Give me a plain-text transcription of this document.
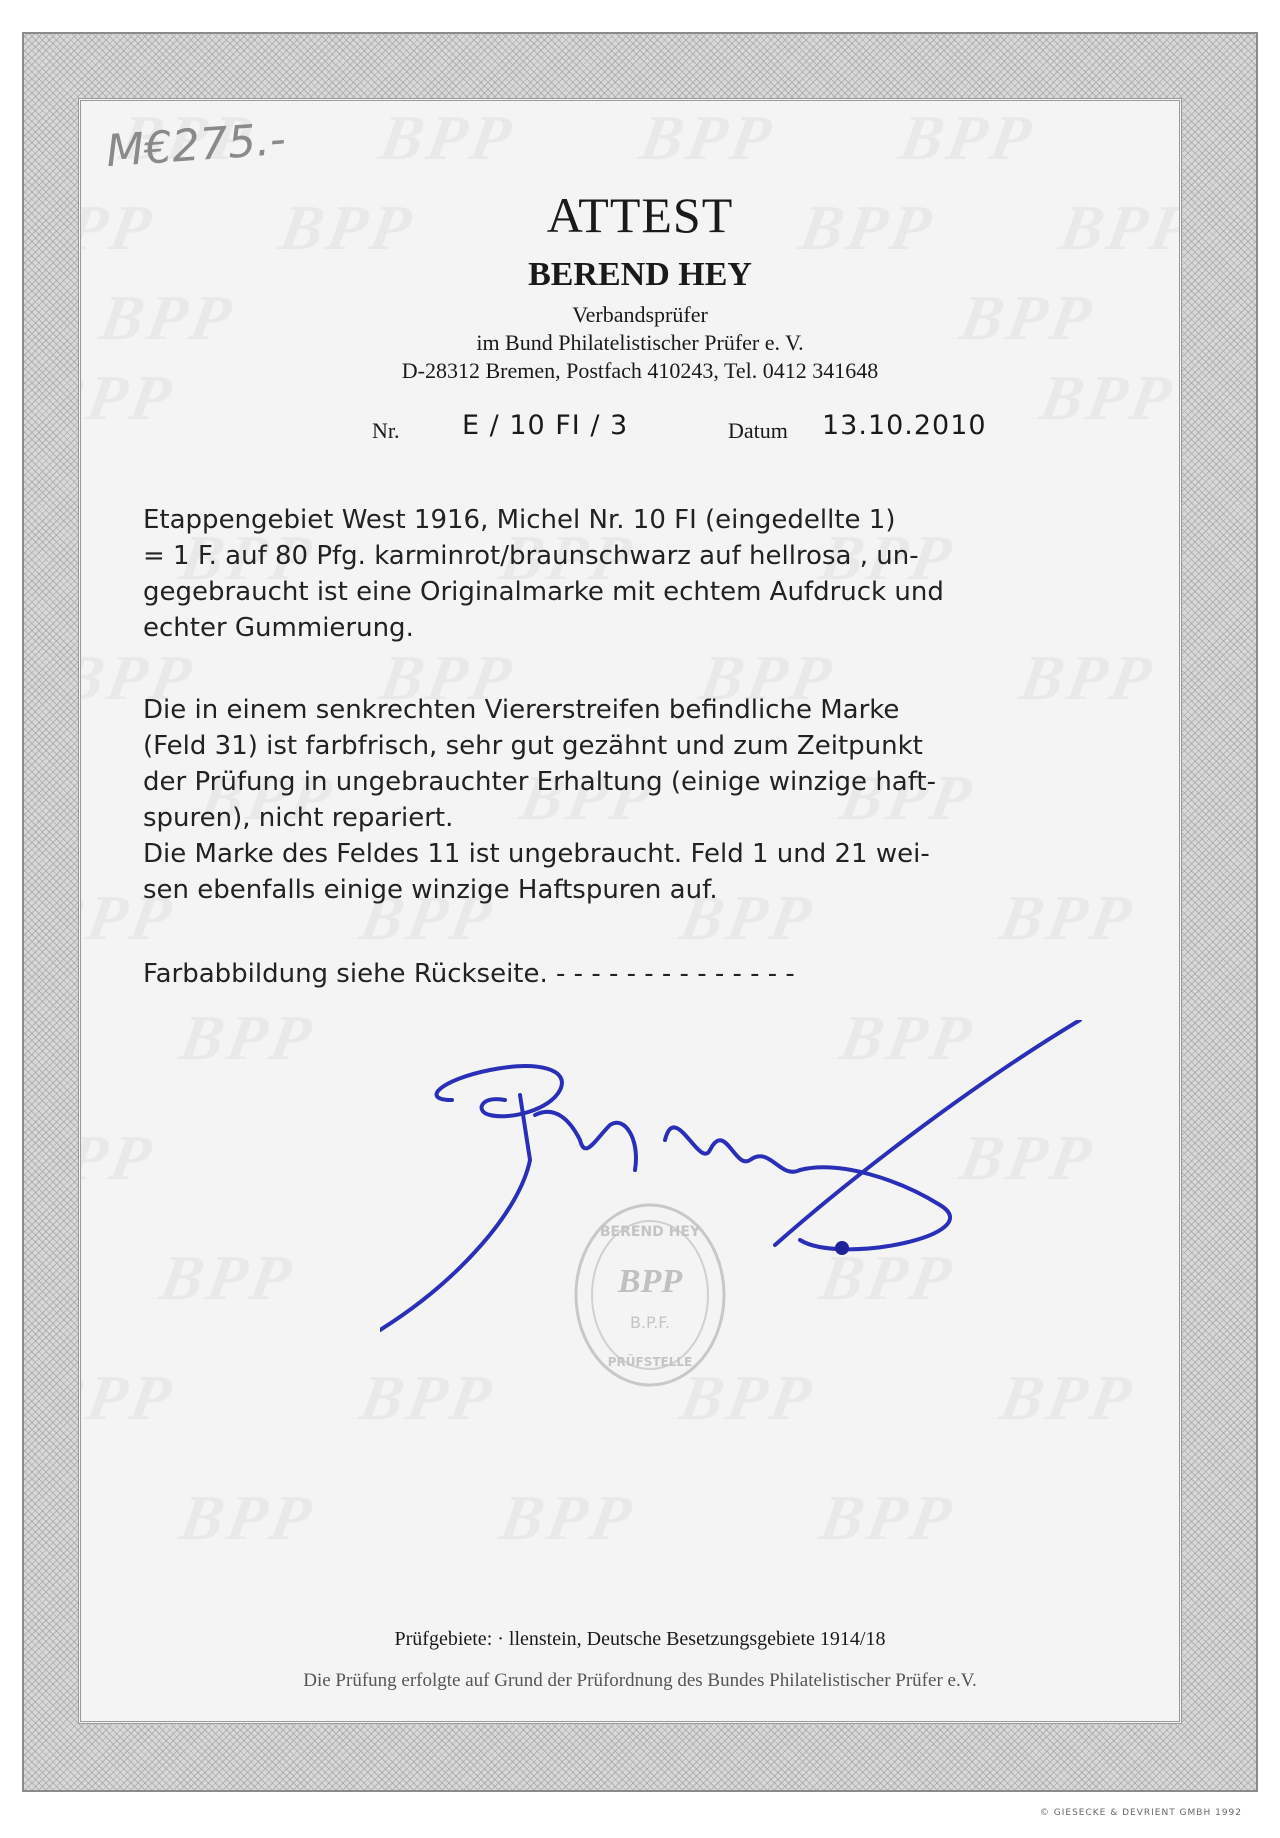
M€275.-
ATTEST
BEREND HEY
Verbandsprüfer
im Bund Philatelistischer Prüfer e. V.
D-28312 Bremen, Postfach 410243, Tel. 0412 341648
Nr. E / 10 FI / 3	Datum 13.10.2010

Etappengebiet West 1916, Michel Nr. 10 FI (eingedellte 1)

= 1 F. auf 80 Pfg. karminrot/braunschwarz auf hellrosa , un-

gegebraucht ist eine Originalmarke mit echtem Aufdruck und

echter Gummierung.

Die in einem senkrechten Viererstreifen befindliche Marke

(Feld 31) ist farbfrisch, sehr gut gezähnt und zum Zeitpunkt

der Prüfung in ungebrauchter Erhaltung (einige winzige haft-

spuren), nicht repariert.

Die Marke des Feldes 11 ist ungebraucht. Feld 1 und 21 wei-

sen ebenfalls einige winzige Haftspuren auf.

Farbabbildung siehe Rückseite. - - - - - - - - - - - - - -

BEREND HEY
BPP
B.P.F.
PRÜFSTELLE
Prüfgebiete: · llenstein, Deutsche Besetzungsgebiete 1914/18
Die Prüfung erfolgte auf Grund der Prüfordnung des Bundes Philatelistischer Prüfer e.V.
© GIESECKE & DEVRIENT GMBH 1992
